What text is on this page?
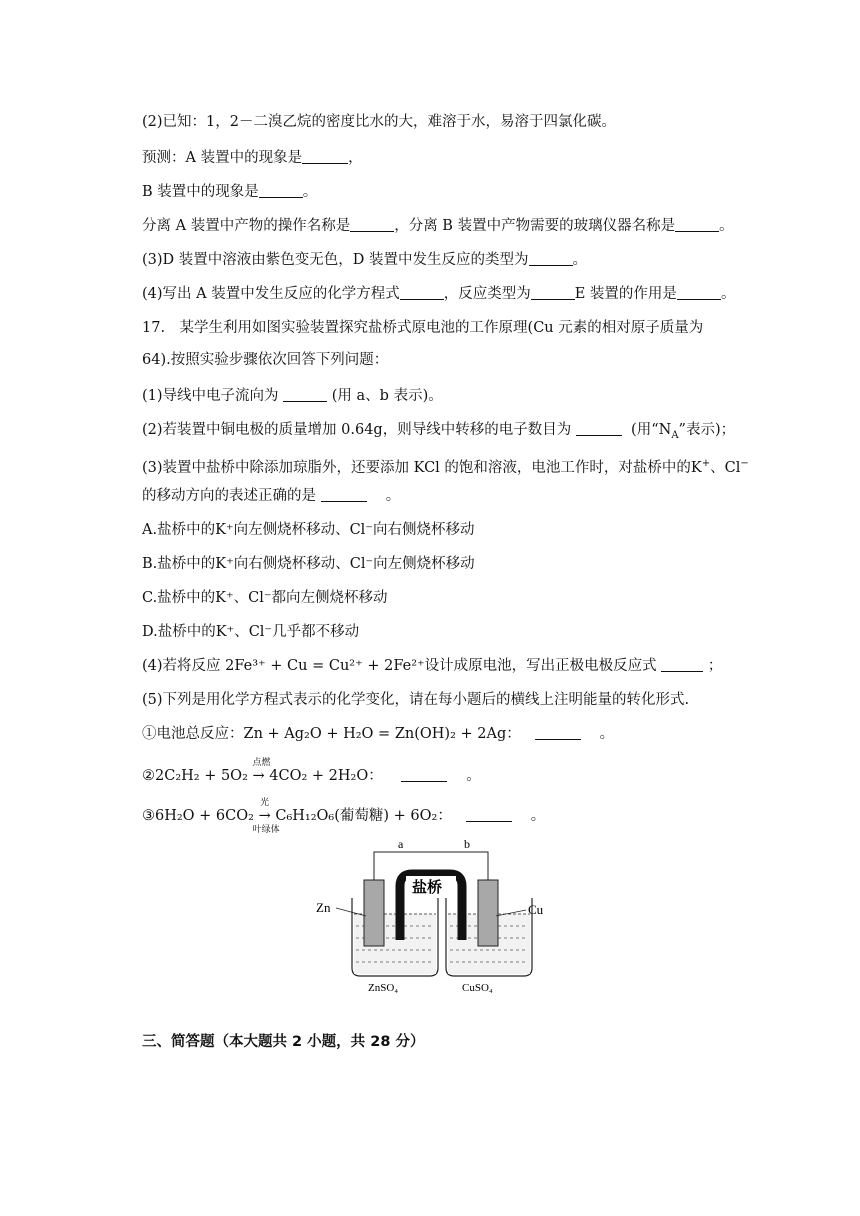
(2)已知：1，2－二溴乙烷的密度比水的大，难溶于水，易溶于四氯化碳。
预测：A 装置中的现象是	，
B 装置中的现象是	。
分离 A 装置中产物的操作名称是	，分离 B 装置中产物需要的玻璃仪器名称是	。
(3)D 装置中溶液由紫色变无色，D 装置中发生反应的类型为	。
(4)写出 A 装置中发生反应的化学方程式	，反应类型为	E 装置的作用是	。
17.　某学生利用如图实验装置探究盐桥式原电池的工作原理(Cu 元素的相对原子质量为
64).按照实验步骤依次回答下列问题：
(1)导线中电子流向为	(用 a、b 表示)。
(2)若装置中铜电极的质量增加 0.64g，则导线中转移的电子数目为	(用“$N_A$”表示)；
(3)装置中盐桥中除添加琼脂外，还要添加 KCl 的饱和溶液，电池工作时，对盐桥中的K+、Cl−
的移动方向的表述正确的是	　。
A.盐桥中的K⁺向左侧烧杯移动、Cl⁻向右侧烧杯移动
B.盐桥中的K⁺向右侧烧杯移动、Cl⁻向左侧烧杯移动
C.盐桥中的K⁺、Cl⁻都向左侧烧杯移动
D.盐桥中的K⁺、Cl⁻几乎都不移动
(4)若将反应 2Fe³⁺ + Cu = Cu²⁺ + 2Fe²⁺设计成原电池，写出正极电极反应式	；
(5)下列是用化学方程式表示的化学变化，请在每小题后的横线上注明能量的转化形式.
①电池总反应：Zn + Ag₂O + H₂O = Zn(OH)₂ + 2Ag：	　。
②2C₂H₂ + 5O₂
点燃
→ 4CO₂ + 2H₂O：	　。
③6H₂O + 6CO₂
光
→
叶绿体
C₆H₁₂O₆(葡萄糖) + 6O₂：	　。
a	b
盐桥
Zn	Cu
ZnSO₄	CuSO₄
三、简答题（本大题共 2 小题，共 28 分）
